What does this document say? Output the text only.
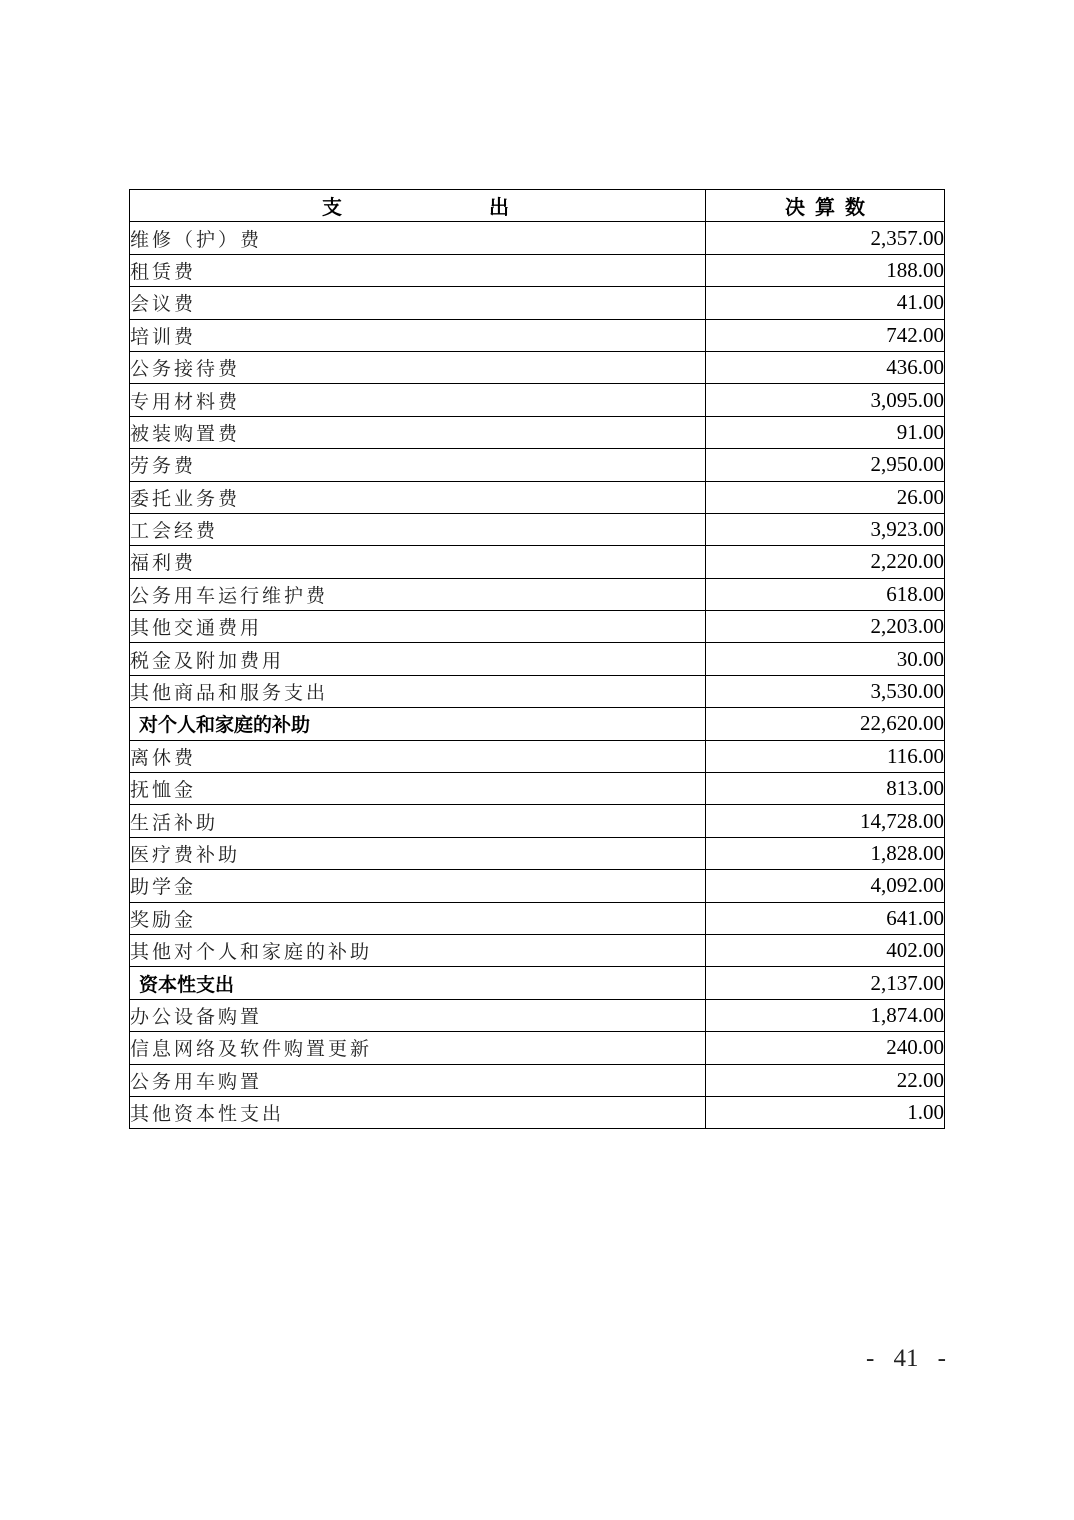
支 出	决算数
维修（护）费	2,357.00
租赁费	188.00
会议费	41.00
培训费	742.00
公务接待费	436.00
专用材料费	3,095.00
被装购置费	91.00
劳务费	2,950.00
委托业务费	26.00
工会经费	3,923.00
福利费	2,220.00
公务用车运行维护费	618.00
其他交通费用	2,203.00
税金及附加费用	30.00
其他商品和服务支出	3,530.00
对个人和家庭的补助	22,620.00
离休费	116.00
抚恤金	813.00
生活补助	14,728.00
医疗费补助	1,828.00
助学金	4,092.00
奖励金	641.00
其他对个人和家庭的补助	402.00
资本性支出	2,137.00
办公设备购置	1,874.00
信息网络及软件购置更新	240.00
公务用车购置	22.00
其他资本性支出	1.00
- 41 -
